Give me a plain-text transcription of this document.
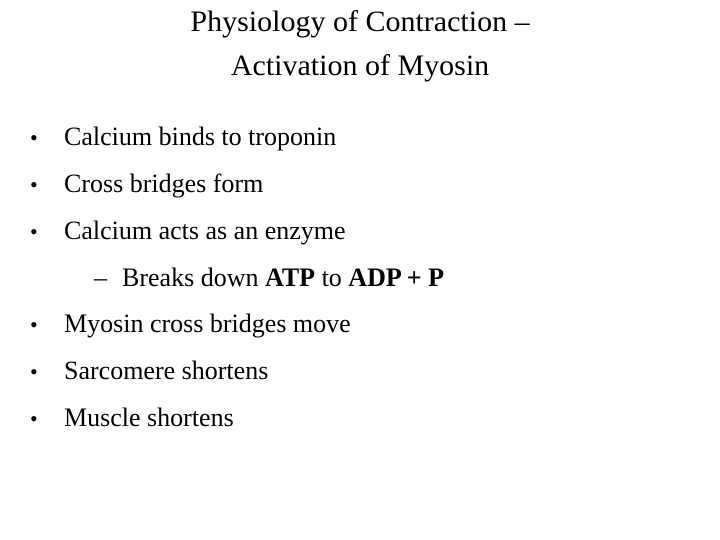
Physiology of Contraction –
Activation of Myosin
• Calcium binds to troponin
• Cross bridges form
• Calcium acts as an enzyme
– Breaks down ATP to ADP + P
• Myosin cross bridges move
• Sarcomere shortens
• Muscle shortens
